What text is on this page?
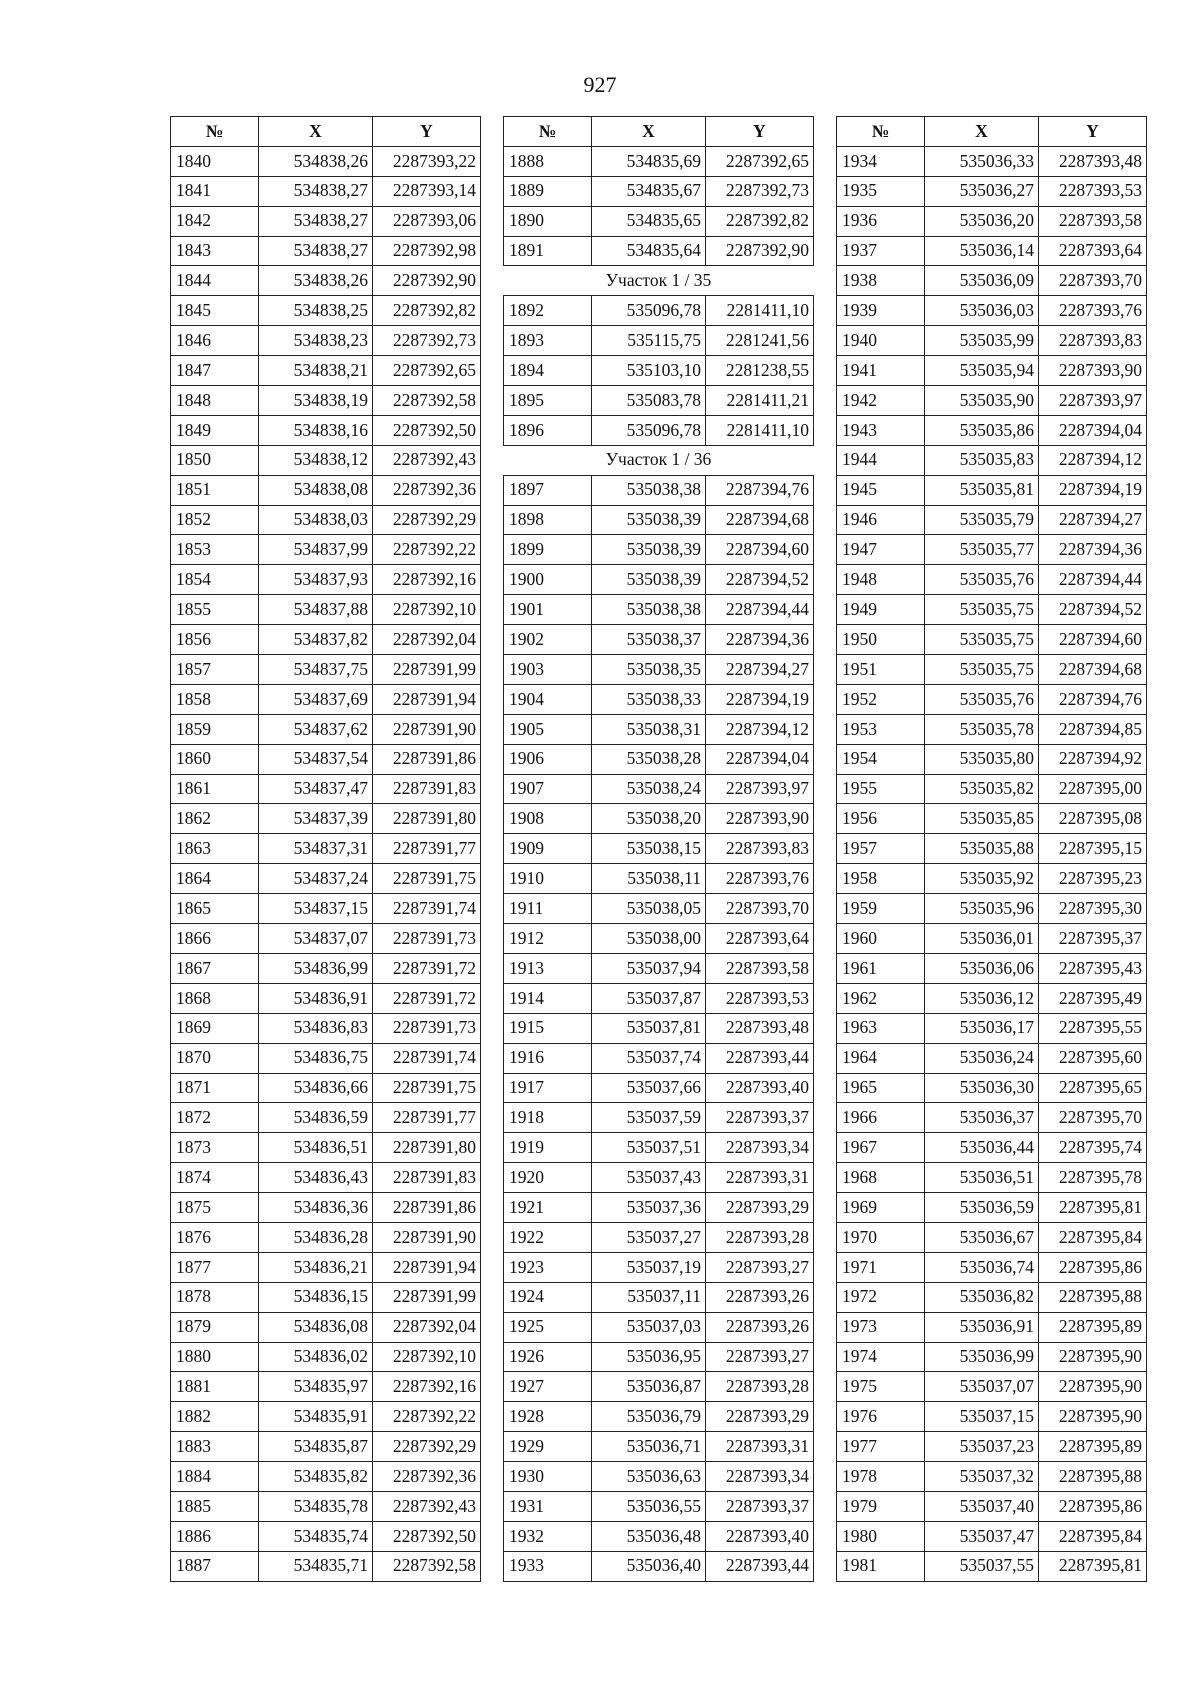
927
№	X	Y
1840	534838,26	2287393,22
1841	534838,27	2287393,14
1842	534838,27	2287393,06
1843	534838,27	2287392,98
1844	534838,26	2287392,90
1845	534838,25	2287392,82
1846	534838,23	2287392,73
1847	534838,21	2287392,65
1848	534838,19	2287392,58
1849	534838,16	2287392,50
1850	534838,12	2287392,43
1851	534838,08	2287392,36
1852	534838,03	2287392,29
1853	534837,99	2287392,22
1854	534837,93	2287392,16
1855	534837,88	2287392,10
1856	534837,82	2287392,04
1857	534837,75	2287391,99
1858	534837,69	2287391,94
1859	534837,62	2287391,90
1860	534837,54	2287391,86
1861	534837,47	2287391,83
1862	534837,39	2287391,80
1863	534837,31	2287391,77
1864	534837,24	2287391,75
1865	534837,15	2287391,74
1866	534837,07	2287391,73
1867	534836,99	2287391,72
1868	534836,91	2287391,72
1869	534836,83	2287391,73
1870	534836,75	2287391,74
1871	534836,66	2287391,75
1872	534836,59	2287391,77
1873	534836,51	2287391,80
1874	534836,43	2287391,83
1875	534836,36	2287391,86
1876	534836,28	2287391,90
1877	534836,21	2287391,94
1878	534836,15	2287391,99
1879	534836,08	2287392,04
1880	534836,02	2287392,10
1881	534835,97	2287392,16
1882	534835,91	2287392,22
1883	534835,87	2287392,29
1884	534835,82	2287392,36
1885	534835,78	2287392,43
1886	534835,74	2287392,50
1887	534835,71	2287392,58
№	X	Y
1888	534835,69	2287392,65
1889	534835,67	2287392,73
1890	534835,65	2287392,82
1891	534835,64	2287392,90
Участок 1 / 35		
1892	535096,78	2281411,10
1893	535115,75	2281241,56
1894	535103,10	2281238,55
1895	535083,78	2281411,21
1896	535096,78	2281411,10
Участок 1 / 36		
1897	535038,38	2287394,76
1898	535038,39	2287394,68
1899	535038,39	2287394,60
1900	535038,39	2287394,52
1901	535038,38	2287394,44
1902	535038,37	2287394,36
1903	535038,35	2287394,27
1904	535038,33	2287394,19
1905	535038,31	2287394,12
1906	535038,28	2287394,04
1907	535038,24	2287393,97
1908	535038,20	2287393,90
1909	535038,15	2287393,83
1910	535038,11	2287393,76
1911	535038,05	2287393,70
1912	535038,00	2287393,64
1913	535037,94	2287393,58
1914	535037,87	2287393,53
1915	535037,81	2287393,48
1916	535037,74	2287393,44
1917	535037,66	2287393,40
1918	535037,59	2287393,37
1919	535037,51	2287393,34
1920	535037,43	2287393,31
1921	535037,36	2287393,29
1922	535037,27	2287393,28
1923	535037,19	2287393,27
1924	535037,11	2287393,26
1925	535037,03	2287393,26
1926	535036,95	2287393,27
1927	535036,87	2287393,28
1928	535036,79	2287393,29
1929	535036,71	2287393,31
1930	535036,63	2287393,34
1931	535036,55	2287393,37
1932	535036,48	2287393,40
1933	535036,40	2287393,44
№	X	Y
1934	535036,33	2287393,48
1935	535036,27	2287393,53
1936	535036,20	2287393,58
1937	535036,14	2287393,64
1938	535036,09	2287393,70
1939	535036,03	2287393,76
1940	535035,99	2287393,83
1941	535035,94	2287393,90
1942	535035,90	2287393,97
1943	535035,86	2287394,04
1944	535035,83	2287394,12
1945	535035,81	2287394,19
1946	535035,79	2287394,27
1947	535035,77	2287394,36
1948	535035,76	2287394,44
1949	535035,75	2287394,52
1950	535035,75	2287394,60
1951	535035,75	2287394,68
1952	535035,76	2287394,76
1953	535035,78	2287394,85
1954	535035,80	2287394,92
1955	535035,82	2287395,00
1956	535035,85	2287395,08
1957	535035,88	2287395,15
1958	535035,92	2287395,23
1959	535035,96	2287395,30
1960	535036,01	2287395,37
1961	535036,06	2287395,43
1962	535036,12	2287395,49
1963	535036,17	2287395,55
1964	535036,24	2287395,60
1965	535036,30	2287395,65
1966	535036,37	2287395,70
1967	535036,44	2287395,74
1968	535036,51	2287395,78
1969	535036,59	2287395,81
1970	535036,67	2287395,84
1971	535036,74	2287395,86
1972	535036,82	2287395,88
1973	535036,91	2287395,89
1974	535036,99	2287395,90
1975	535037,07	2287395,90
1976	535037,15	2287395,90
1977	535037,23	2287395,89
1978	535037,32	2287395,88
1979	535037,40	2287395,86
1980	535037,47	2287395,84
1981	535037,55	2287395,81
